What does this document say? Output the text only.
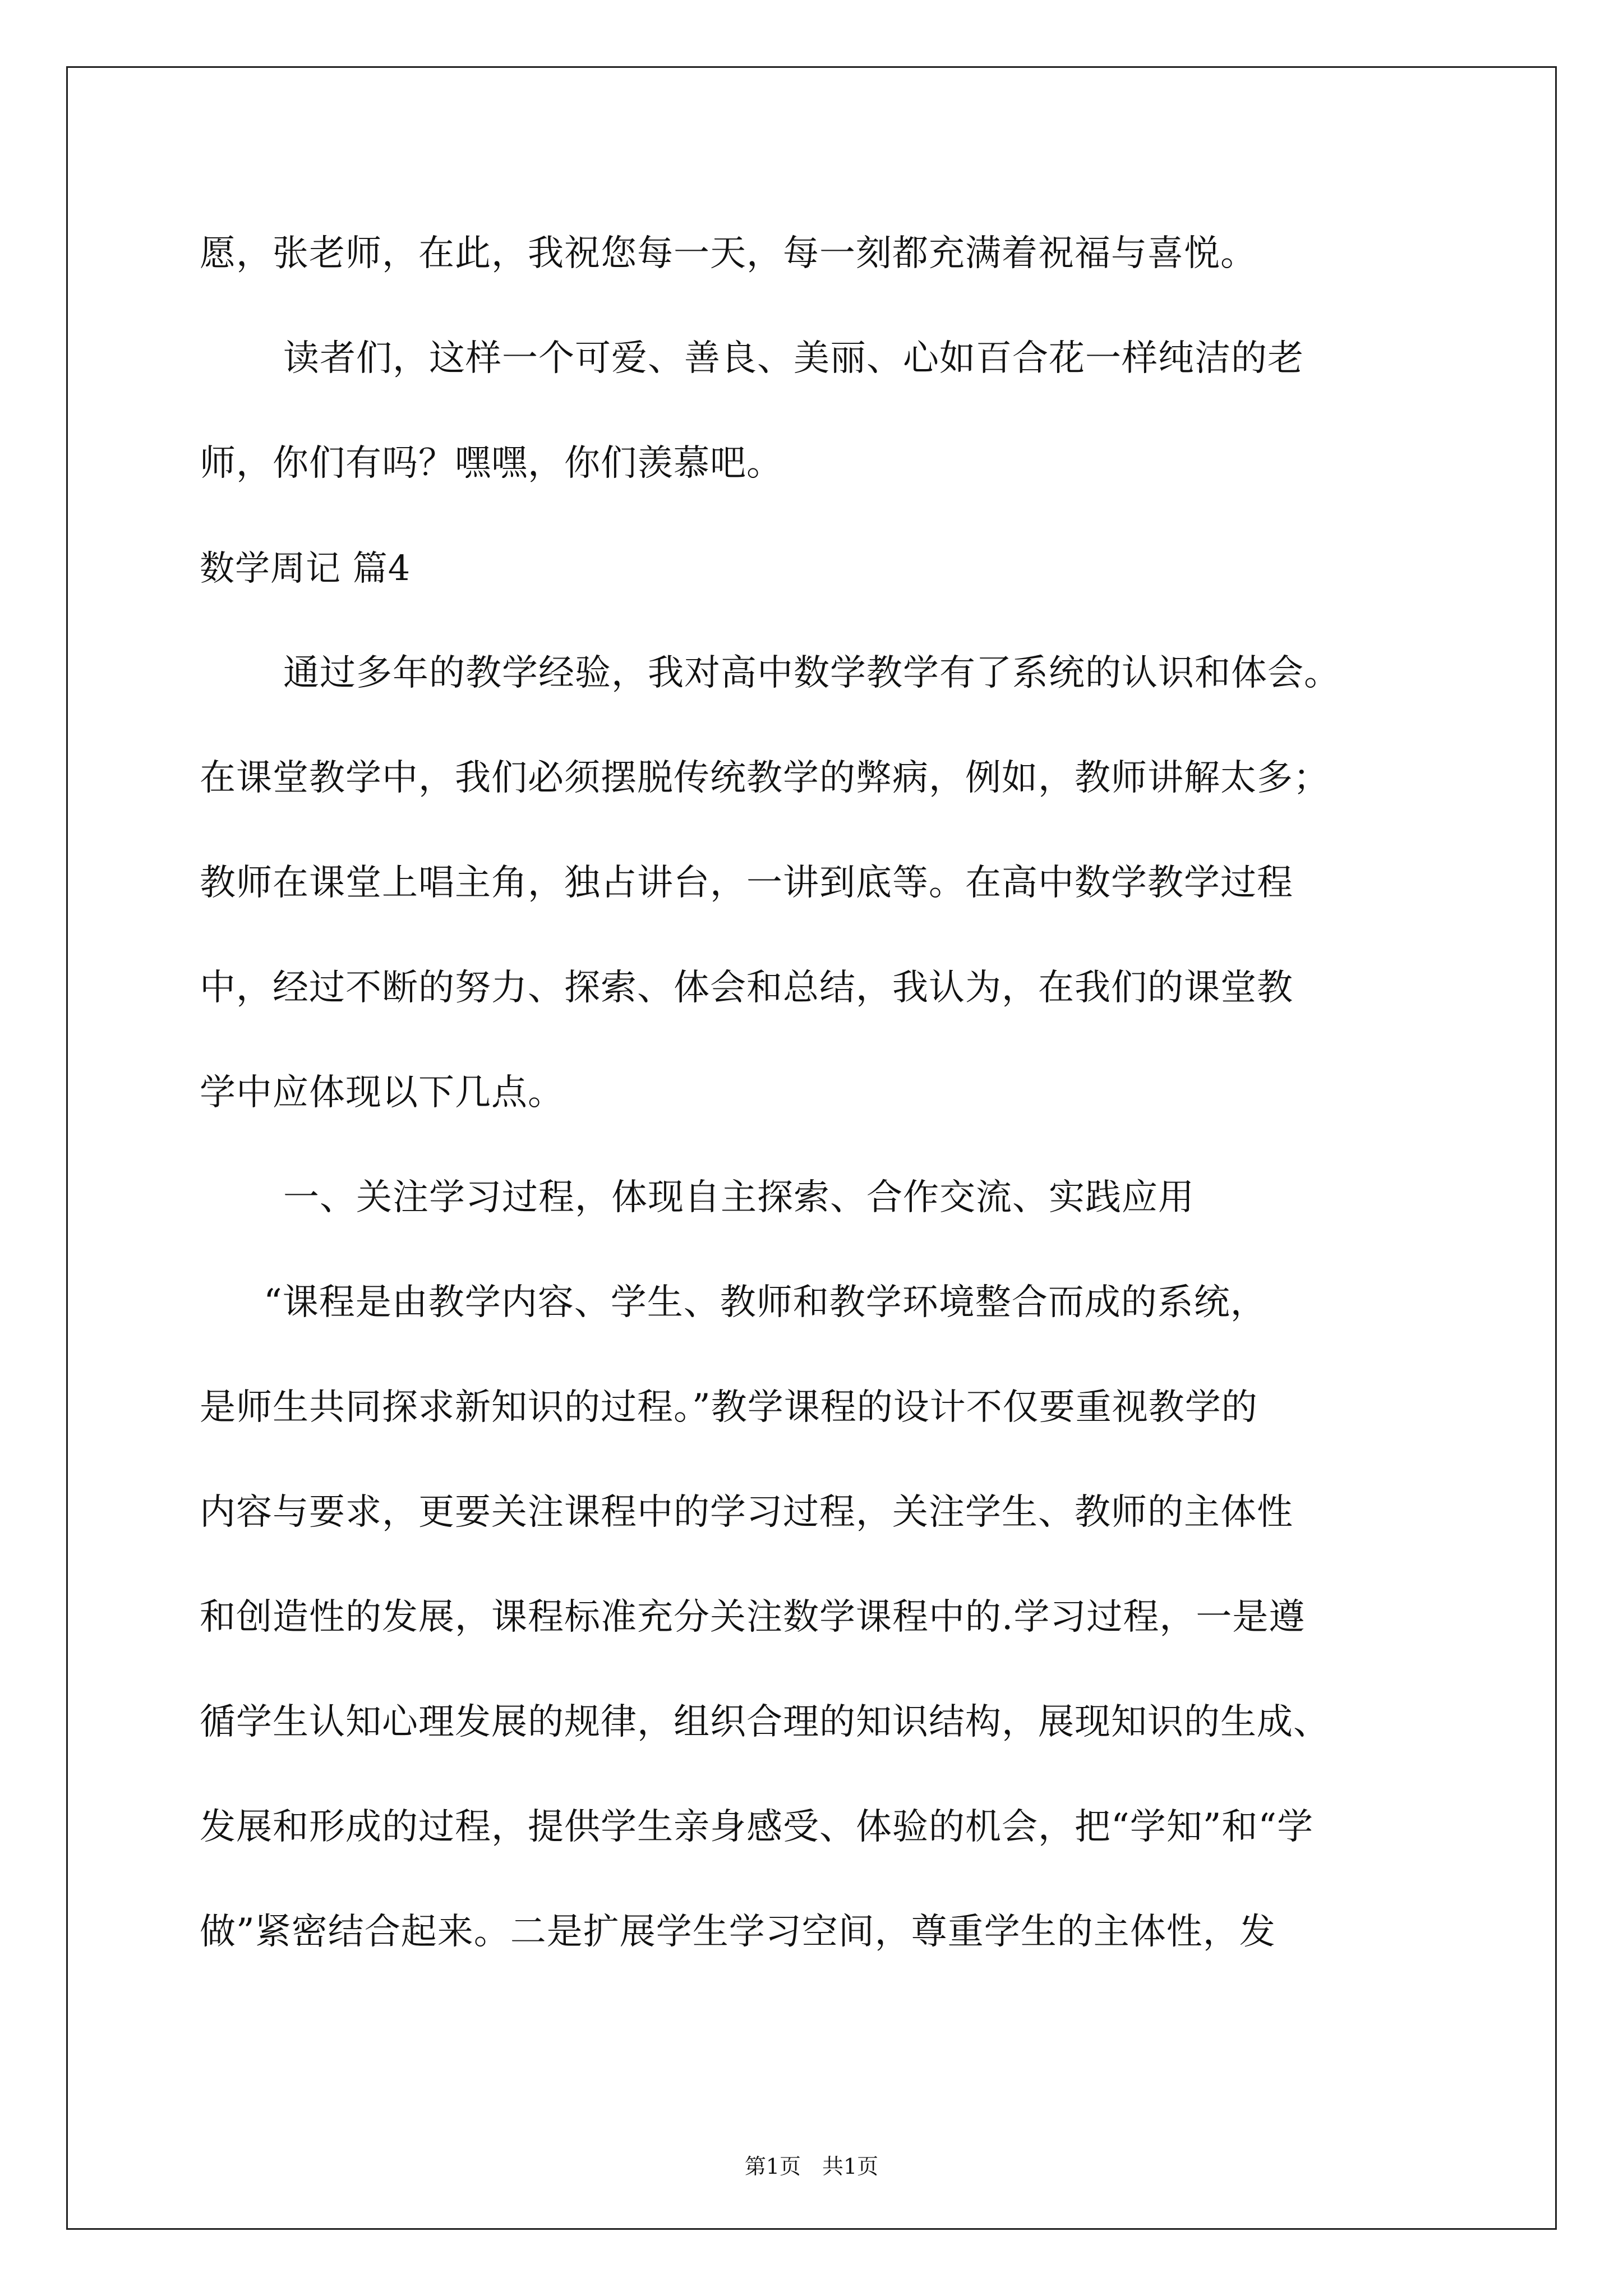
愿，张老师，在此，我祝您每一天，每一刻都充满着祝福与喜悦。
读者们，这样一个可爱、善良、美丽、心如百合花一样纯洁的老
师，你们有吗？嘿嘿，你们羡慕吧。
数学周记 篇4
通过多年的教学经验，我对高中数学教学有了系统的认识和体会。
在课堂教学中，我们必须摆脱传统教学的弊病，例如，教师讲解太多；
教师在课堂上唱主角，独占讲台，一讲到底等。在高中数学教学过程
中，经过不断的努力、探索、体会和总结，我认为，在我们的课堂教
学中应体现以下几点。
一、关注学习过程，体现自主探索、合作交流、实践应用
“课程是由教学内容、学生、教师和教学环境整合而成的系统，
是师生共同探求新知识的过程。”教学课程的设计不仅要重视教学的
内容与要求，更要关注课程中的学习过程，关注学生、教师的主体性
和创造性的发展，课程标准充分关注数学课程中的.学习过程，一是遵
循学生认知心理发展的规律，组织合理的知识结构，展现知识的生成、
发展和形成的过程，提供学生亲身感受、体验的机会，把“学知”和“学
做”紧密结合起来。二是扩展学生学习空间，尊重学生的主体性，发
第1页　共1页
